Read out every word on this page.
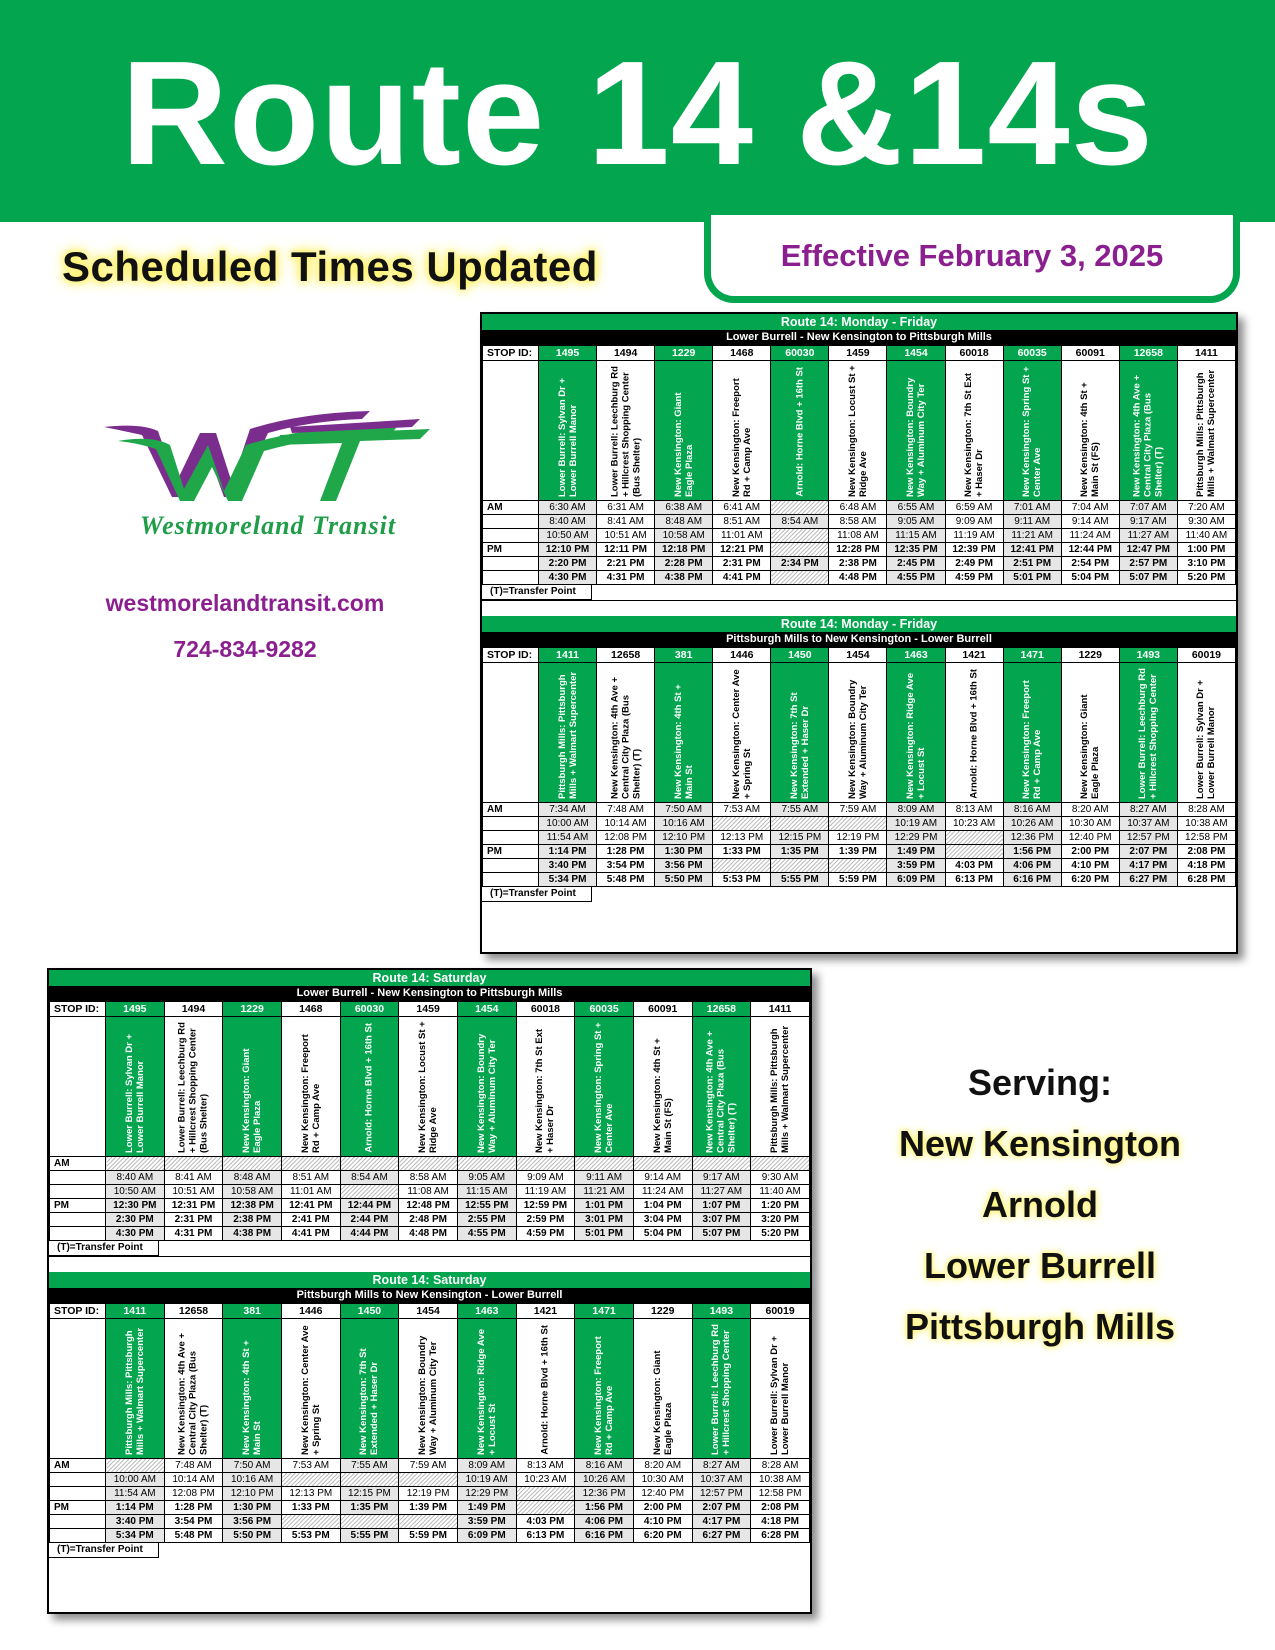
Route 14 &14s
Scheduled Times Updated	Effective February 3, 2025
Westmoreland Transit
westmorelandtransit.com
724-834-9282
Serving:
New Kensington
Arnold
Lower Burrell
Pittsburgh Mills
Route 14: Monday - Friday
Lower Burrell - New Kensington to Pittsburgh Mills
STOP ID:	1495	1494	1229	1468	60030	1459	1454	60018	60035	60091	12658	1411

	Lower Burrell: Sylvan Dr + Lower Burrell Manor	Lower Burrell: Leechburg Rd + Hillcrest Shopping Center (Bus Shelter)	New Kensington: Giant Eagle Plaza	New Kensington: Freeport Rd + Camp Ave	Arnold: Horne Blvd + 16th St	New Kensington: Locust St + Ridge Ave	New Kensington: Boundry Way + Aluminum City Ter	New Kensington: 7th St Ext + Haser Dr	New Kensington: Spring St + Center Ave	New Kensington: 4th St + Main St (FS)	New Kensington: 4th Ave + Central City Plaza (Bus Shelter) (T)	Pittsburgh Mills: Pittsburgh Mills + Walmart Supercenter

AM	6:30 AM	6:31 AM	6:38 AM	6:41 AM		6:48 AM	6:55 AM	6:59 AM	7:01 AM	7:04 AM	7:07 AM	7:20 AM
	8:40 AM	8:41 AM	8:48 AM	8:51 AM	8:54 AM	8:58 AM	9:05 AM	9:09 AM	9:11 AM	9:14 AM	9:17 AM	9:30 AM
	10:50 AM	10:51 AM	10:58 AM	11:01 AM		11:08 AM	11:15 AM	11:19 AM	11:21 AM	11:24 AM	11:27 AM	11:40 AM
PM	12:10 PM	12:11 PM	12:18 PM	12:21 PM		12:28 PM	12:35 PM	12:39 PM	12:41 PM	12:44 PM	12:47 PM	1:00 PM
	2:20 PM	2:21 PM	2:28 PM	2:31 PM	2:34 PM	2:38 PM	2:45 PM	2:49 PM	2:51 PM	2:54 PM	2:57 PM	3:10 PM
	4:30 PM	4:31 PM	4:38 PM	4:41 PM		4:48 PM	4:55 PM	4:59 PM	5:01 PM	5:04 PM	5:07 PM	5:20 PM
(T)=Transfer Point
Route 14: Monday - Friday
Pittsburgh Mills to New Kensington - Lower Burrell
STOP ID:	1411	12658	381	1446	1450	1454	1463	1421	1471	1229	1493	60019

	Pittsburgh Mills: Pittsburgh Mills + Walmart Supercenter	New Kensington: 4th Ave + Central City Plaza (Bus Shelter) (T)	New Kensington: 4th St + Main St	New Kensington: Center Ave + Spring St	New Kensington: 7th St Extended + Haser Dr	New Kensington: Boundry Way + Aluminum City Ter	New Kensington: Ridge Ave + Locust St	Arnold: Horne Blvd + 16th St	New Kensington: Freeport Rd + Camp Ave	New Kensington: Giant Eagle Plaza	Lower Burrell: Leechburg Rd + Hillcrest Shopping Center	Lower Burrell: Sylvan Dr + Lower Burrell Manor

AM	7:34 AM	7:48 AM	7:50 AM	7:53 AM	7:55 AM	7:59 AM	8:09 AM	8:13 AM	8:16 AM	8:20 AM	8:27 AM	8:28 AM
	10:00 AM	10:14 AM	10:16 AM				10:19 AM	10:23 AM	10:26 AM	10:30 AM	10:37 AM	10:38 AM
	11:54 AM	12:08 PM	12:10 PM	12:13 PM	12:15 PM	12:19 PM	12:29 PM		12:36 PM	12:40 PM	12:57 PM	12:58 PM
PM	1:14 PM	1:28 PM	1:30 PM	1:33 PM	1:35 PM	1:39 PM	1:49 PM		1:56 PM	2:00 PM	2:07 PM	2:08 PM
	3:40 PM	3:54 PM	3:56 PM				3:59 PM	4:03 PM	4:06 PM	4:10 PM	4:17 PM	4:18 PM
	5:34 PM	5:48 PM	5:50 PM	5:53 PM	5:55 PM	5:59 PM	6:09 PM	6:13 PM	6:16 PM	6:20 PM	6:27 PM	6:28 PM
(T)=Transfer Point
Route 14: Saturday
Lower Burrell - New Kensington to Pittsburgh Mills
STOP ID:	1495	1494	1229	1468	60030	1459	1454	60018	60035	60091	12658	1411

	Lower Burrell: Sylvan Dr + Lower Burrell Manor	Lower Burrell: Leechburg Rd + Hillcrest Shopping Center (Bus Shelter)	New Kensington: Giant Eagle Plaza	New Kensington: Freeport Rd + Camp Ave	Arnold: Horne Blvd + 16th St	New Kensington: Locust St + Ridge Ave	New Kensington: Boundry Way + Aluminum City Ter	New Kensington: 7th St Ext + Haser Dr	New Kensington: Spring St + Center Ave	New Kensington: 4th St + Main St (FS)	New Kensington: 4th Ave + Central City Plaza (Bus Shelter) (T)	Pittsburgh Mills: Pittsburgh Mills + Walmart Supercenter

AM												
	8:40 AM	8:41 AM	8:48 AM	8:51 AM	8:54 AM	8:58 AM	9:05 AM	9:09 AM	9:11 AM	9:14 AM	9:17 AM	9:30 AM
	10:50 AM	10:51 AM	10:58 AM	11:01 AM		11:08 AM	11:15 AM	11:19 AM	11:21 AM	11:24 AM	11:27 AM	11:40 AM
PM	12:30 PM	12:31 PM	12:38 PM	12:41 PM	12:44 PM	12:48 PM	12:55 PM	12:59 PM	1:01 PM	1:04 PM	1:07 PM	1:20 PM
	2:30 PM	2:31 PM	2:38 PM	2:41 PM	2:44 PM	2:48 PM	2:55 PM	2:59 PM	3:01 PM	3:04 PM	3:07 PM	3:20 PM
	4:30 PM	4:31 PM	4:38 PM	4:41 PM	4:44 PM	4:48 PM	4:55 PM	4:59 PM	5:01 PM	5:04 PM	5:07 PM	5:20 PM
(T)=Transfer Point
Route 14: Saturday
Pittsburgh Mills to New Kensington - Lower Burrell
STOP ID:	1411	12658	381	1446	1450	1454	1463	1421	1471	1229	1493	60019

	Pittsburgh Mills: Pittsburgh Mills + Walmart Supercenter	New Kensington: 4th Ave + Central City Plaza (Bus Shelter) (T)	New Kensington: 4th St + Main St	New Kensington: Center Ave + Spring St	New Kensington: 7th St Extended + Haser Dr	New Kensington: Boundry Way + Aluminum City Ter	New Kensington: Ridge Ave + Locust St	Arnold: Horne Blvd + 16th St	New Kensington: Freeport Rd + Camp Ave	New Kensington: Giant Eagle Plaza	Lower Burrell: Leechburg Rd + Hillcrest Shopping Center	Lower Burrell: Sylvan Dr + Lower Burrell Manor

AM		7:48 AM	7:50 AM	7:53 AM	7:55 AM	7:59 AM	8:09 AM	8:13 AM	8:16 AM	8:20 AM	8:27 AM	8:28 AM
	10:00 AM	10:14 AM	10:16 AM				10:19 AM	10:23 AM	10:26 AM	10:30 AM	10:37 AM	10:38 AM
	11:54 AM	12:08 PM	12:10 PM	12:13 PM	12:15 PM	12:19 PM	12:29 PM		12:36 PM	12:40 PM	12:57 PM	12:58 PM
PM	1:14 PM	1:28 PM	1:30 PM	1:33 PM	1:35 PM	1:39 PM	1:49 PM		1:56 PM	2:00 PM	2:07 PM	2:08 PM
	3:40 PM	3:54 PM	3:56 PM				3:59 PM	4:03 PM	4:06 PM	4:10 PM	4:17 PM	4:18 PM
	5:34 PM	5:48 PM	5:50 PM	5:53 PM	5:55 PM	5:59 PM	6:09 PM	6:13 PM	6:16 PM	6:20 PM	6:27 PM	6:28 PM
(T)=Transfer Point
